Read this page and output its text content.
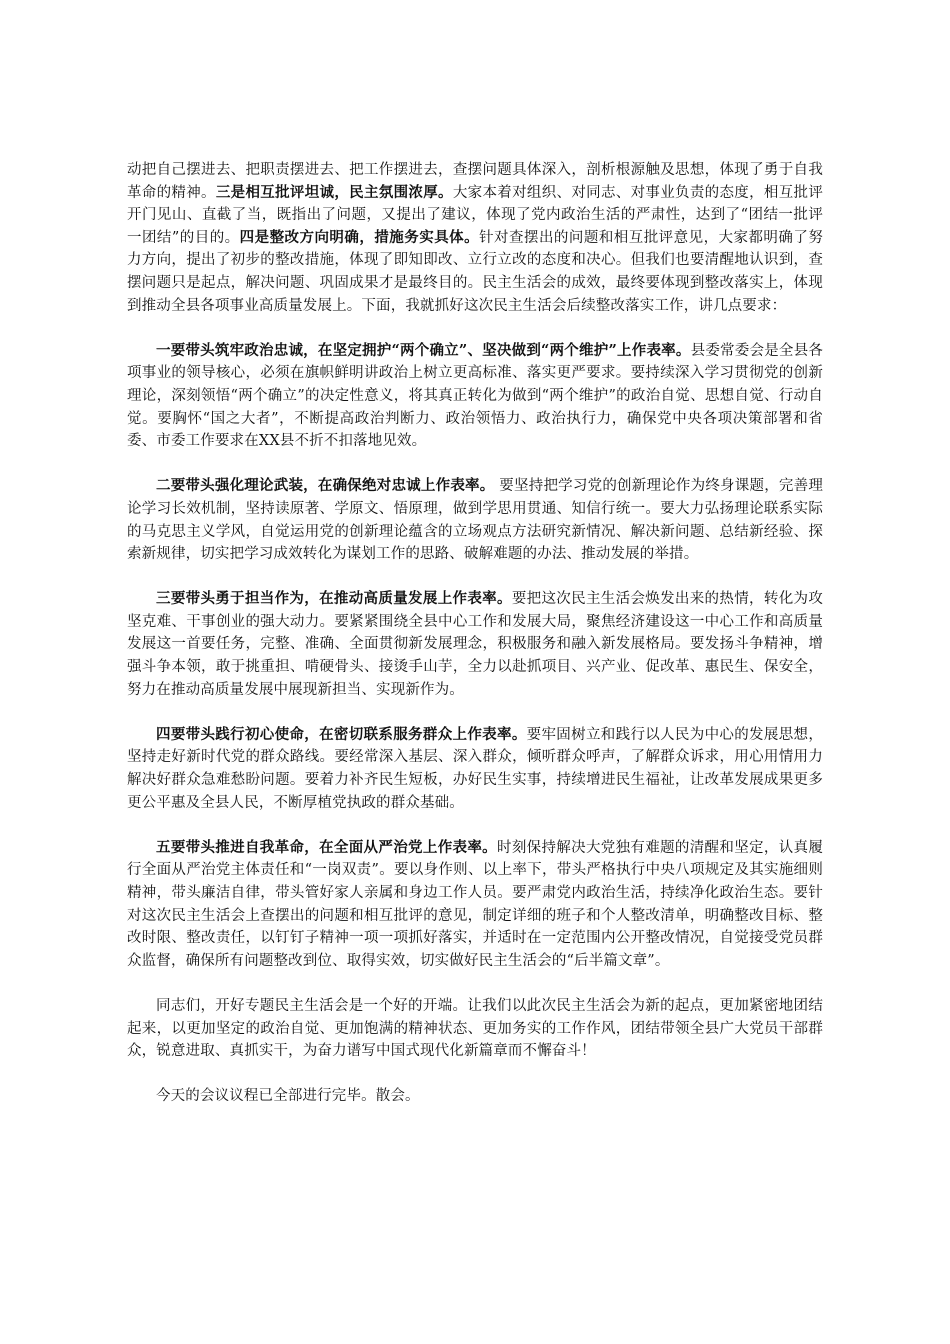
动把自己摆进去、把职责摆进去、把工作摆进去，查摆问题具体深入，剖析根源触及思想，体现了勇于自我革命的精神。三是相互批评坦诚，民主氛围浓厚。大家本着对组织、对同志、对事业负责的态度，相互批评开门见山、直截了当，既指出了问题，又提出了建议，体现了党内政治生活的严肃性，达到了“团结一批评一团结”的目的。四是整改方向明确，措施务实具体。针对查摆出的问题和相互批评意见，大家都明确了努力方向，提出了初步的整改措施，体现了即知即改、立行立改的态度和决心。但我们也要清醒地认识到，查摆问题只是起点，解决问题、巩固成果才是最终目的。民主生活会的成效，最终要体现到整改落实上，体现到推动全县各项事业高质量发展上。下面，我就抓好这次民主生活会后续整改落实工作，讲几点要求：

一要带头筑牢政治忠诚，在坚定拥护“两个确立”、坚决做到“两个维护”上作表率。县委常委会是全县各项事业的领导核心，必须在旗帜鲜明讲政治上树立更高标准、落实更严要求。要持续深入学习贯彻党的创新理论，深刻领悟“两个确立”的决定性意义，将其真正转化为做到“两个维护”的政治自觉、思想自觉、行动自觉。要胸怀“国之大者”，不断提高政治判断力、政治领悟力、政治执行力，确保党中央各项决策部署和省委、市委工作要求在XX县不折不扣落地见效。

二要带头强化理论武装，在确保绝对忠诚上作表率。 要坚持把学习党的创新理论作为终身课题，完善理论学习长效机制，坚持读原著、学原文、悟原理，做到学思用贯通、知信行统一。要大力弘扬理论联系实际的马克思主义学风，自觉运用党的创新理论蕴含的立场观点方法研究新情况、解决新问题、总结新经验、探索新规律，切实把学习成效转化为谋划工作的思路、破解难题的办法、推动发展的举措。

三要带头勇于担当作为，在推动高质量发展上作表率。要把这次民主生活会焕发出来的热情，转化为攻坚克难、干事创业的强大动力。要紧紧围绕全县中心工作和发展大局，聚焦经济建设这一中心工作和高质量发展这一首要任务，完整、准确、全面贯彻新发展理念，积极服务和融入新发展格局。要发扬斗争精神，增强斗争本领，敢于挑重担、啃硬骨头、接烫手山芋，全力以赴抓项目、兴产业、促改革、惠民生、保安全，努力在推动高质量发展中展现新担当、实现新作为。

四要带头践行初心使命，在密切联系服务群众上作表率。要牢固树立和践行以人民为中心的发展思想，坚持走好新时代党的群众路线。要经常深入基层、深入群众，倾听群众呼声，了解群众诉求，用心用情用力解决好群众急难愁盼问题。要着力补齐民生短板，办好民生实事，持续增进民生福祉，让改革发展成果更多更公平惠及全县人民，不断厚植党执政的群众基础。

五要带头推进自我革命，在全面从严治党上作表率。时刻保持解决大党独有难题的清醒和坚定，认真履行全面从严治党主体责任和“一岗双责”。要以身作则、以上率下，带头严格执行中央八项规定及其实施细则精神，带头廉洁自律，带头管好家人亲属和身边工作人员。要严肃党内政治生活，持续净化政治生态。要针对这次民主生活会上查摆出的问题和相互批评的意见，制定详细的班子和个人整改清单，明确整改目标、整改时限、整改责任，以钉钉子精神一项一项抓好落实，并适时在一定范围内公开整改情况，自觉接受党员群众监督，确保所有问题整改到位、取得实效，切实做好民主生活会的“后半篇文章”。

同志们，开好专题民主生活会是一个好的开端。让我们以此次民主生活会为新的起点，更加紧密地团结起来，以更加坚定的政治自觉、更加饱满的精神状态、更加务实的工作作风，团结带领全县广大党员干部群众，锐意进取、真抓实干，为奋力谱写中国式现代化新篇章而不懈奋斗！

今天的会议议程已全部进行完毕。散会。
